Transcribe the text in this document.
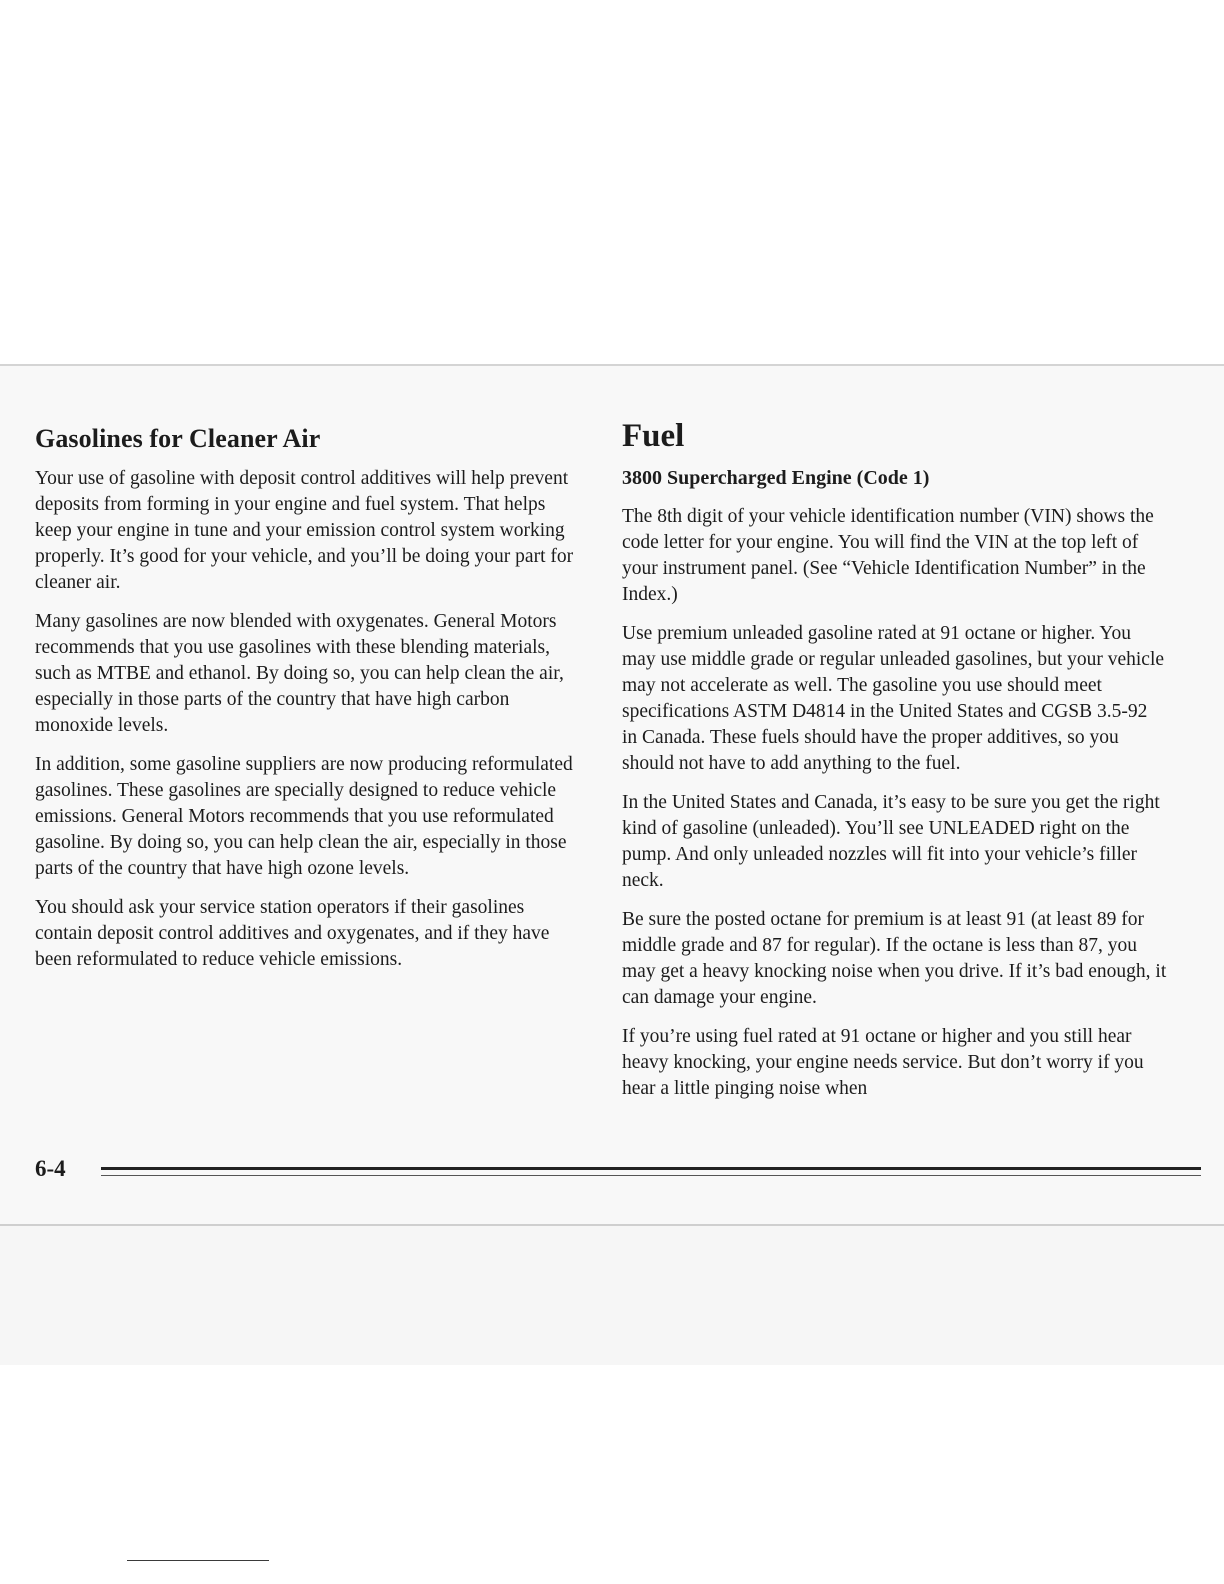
Gasolines for Cleaner Air

Your use of gasoline with deposit control additives will help prevent deposits from forming in your engine and fuel system. That helps keep your engine in tune and your emission control system working properly. It’s good for your vehicle, and you’ll be doing your part for cleaner air.

Many gasolines are now blended with oxygenates. General Motors recommends that you use gasolines with these blending materials, such as MTBE and ethanol. By doing so, you can help clean the air, especially in those parts of the country that have high carbon monoxide levels.

In addition, some gasoline suppliers are now producing reformulated gasolines. These gasolines are specially designed to reduce vehicle emissions. General Motors recommends that you use reformulated gasoline. By doing so, you can help clean the air, especially in those parts of the country that have high ozone levels.

You should ask your service station operators if their gasolines contain deposit control additives and oxygenates, and if they have been reformulated to reduce vehicle emissions.

Fuel
3800 Supercharged Engine (Code 1)

The 8th digit of your vehicle identification number (VIN) shows the code letter for your engine. You will find the VIN at the top left of your instrument panel. (See “Vehicle Identification Number” in the Index.)

Use premium unleaded gasoline rated at 91 octane or higher. You may use middle grade or regular unleaded gasolines, but your vehicle may not accelerate as well. The gasoline you use should meet specifications ASTM D4814 in the United States and CGSB 3.5-92 in Canada. These fuels should have the proper additives, so you should not have to add anything to the fuel.

In the United States and Canada, it’s easy to be sure you get the right kind of gasoline (unleaded). You’ll see UNLEADED right on the pump. And only unleaded nozzles will fit into your vehicle’s filler neck.

Be sure the posted octane for premium is at least 91 (at least 89 for middle grade and 87 for regular). If the octane is less than 87, you may get a heavy knocking noise when you drive. If it’s bad enough, it can damage your engine.

If you’re using fuel rated at 91 octane or higher and you still hear heavy knocking, your engine needs service. But don’t worry if you hear a little pinging noise when

6-4
